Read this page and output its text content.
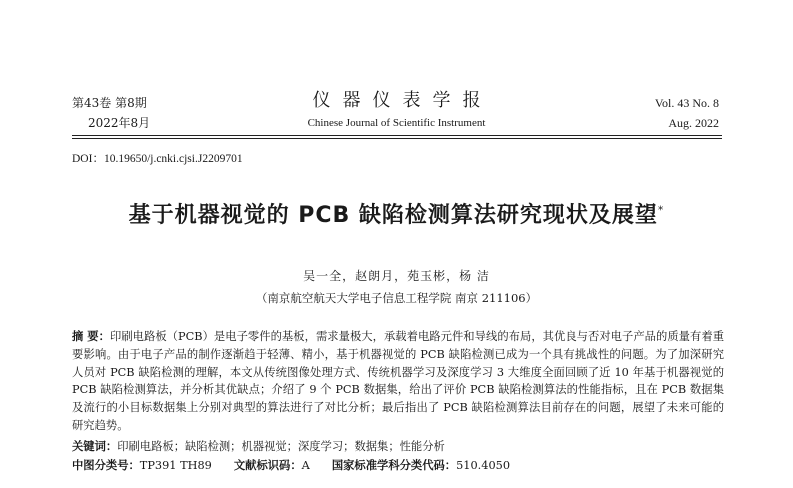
第43卷 第8期
2022年8月
仪器仪表学报
Chinese Journal of Scientific Instrument
Vol. 43 No. 8
Aug. 2022
DOI：10.19650/j.cnki.cjsi.J2209701
基于机器视觉的 PCB 缺陷检测算法研究现状及展望*
吴一全，赵朗月，苑玉彬，杨 洁
（南京航空航天大学电子信息工程学院 南京 211106）
摘 要：印刷电路板（PCB）是电子零件的基板，需求量极大，承载着电路元件和导线的布局，其优良与否对电子产品的质量有着重要影响。由于电子产品的制作逐渐趋于轻薄、精小，基于机器视觉的 PCB 缺陷检测已成为一个具有挑战性的问题。为了加深研究人员对 PCB 缺陷检测的理解，本文从传统图像处理方式、传统机器学习及深度学习 3 大维度全面回顾了近 10 年基于机器视觉的 PCB 缺陷检测算法，并分析其优缺点；介绍了 9 个 PCB 数据集，给出了评价 PCB 缺陷检测算法的性能指标，且在 PCB 数据集及流行的小目标数据集上分别对典型的算法进行了对比分析；最后指出了 PCB 缺陷检测算法目前存在的问题，展望了未来可能的研究趋势。
关键词：印刷电路板；缺陷检测；机器视觉；深度学习；数据集；性能分析
中图分类号：TP391 TH89 文献标识码：A 国家标准学科分类代码：510.4050
